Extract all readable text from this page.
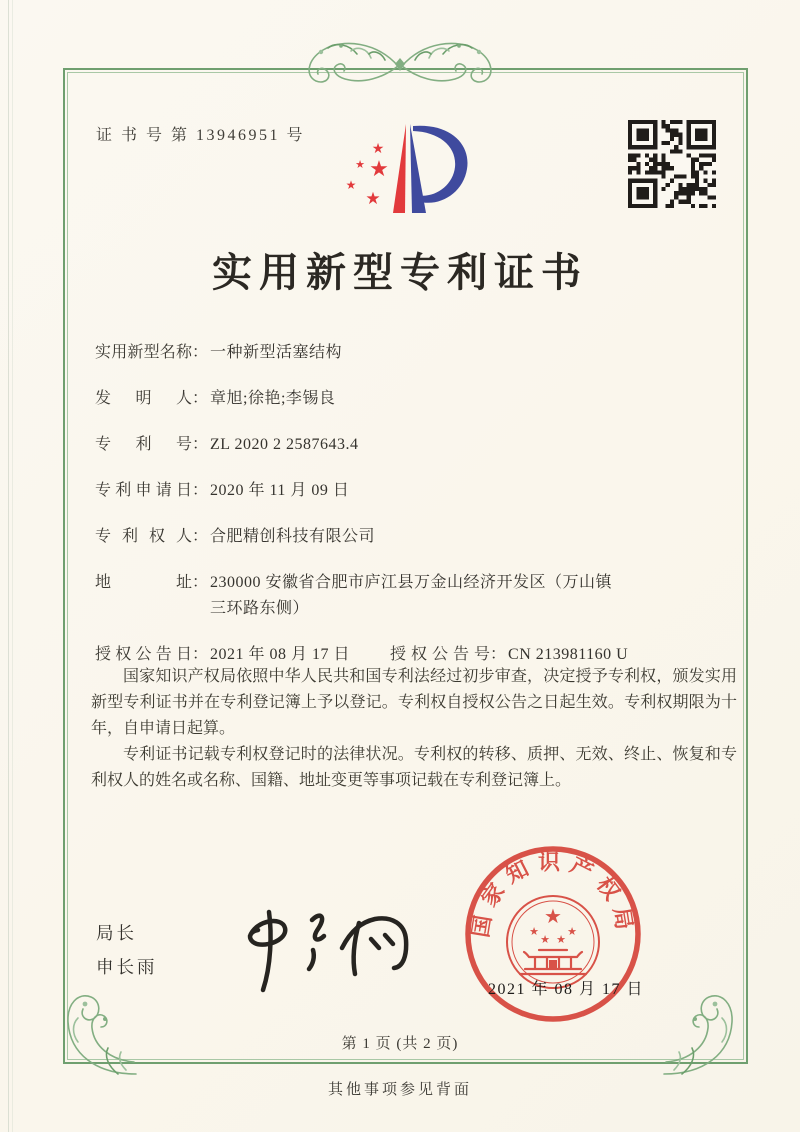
证 书 号 第 13946951 号
★
★ ★
★
★
实用新型专利证书
实用新型名称 ： 一种新型活塞结构
发明人 ： 章旭;徐艳;李锡良
专利号 ： ZL 2020 2 2587643.4
专利申请日 ： 2020 年 11 月 09 日
专利权人 ： 合肥精创科技有限公司
地址 ： 230000 安徽省合肥市庐江县万金山经济开发区（万山镇三环路东侧）
授权公告日 ： 2021 年 08 月 17 日	授权公告号 ： CN 213981160 U

国家知识产权局依照中华人民共和国专利法经过初步审查，决定授予专利权，颁发实用新型专利证书并在专利登记簿上予以登记。专利权自授权公告之日起生效。专利权期限为十年，自申请日起算。

专利证书记载专利权登记时的法律状况。专利权的转移、质押、无效、终止、恢复和专利权人的姓名或名称、国籍、地址变更等事项记载在专利登记簿上。

局长
申长雨
国家知识产权局
★
★	★
★ ★
2021 年 08 月 17 日
第 1 页 (共 2 页)
其他事项参见背面
